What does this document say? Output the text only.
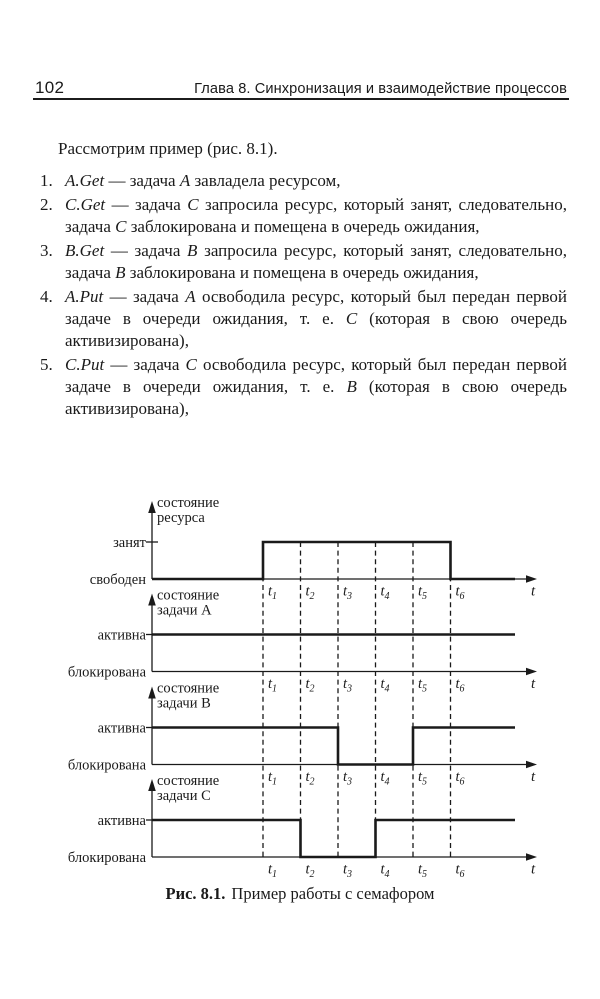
102	Глава 8. Синхронизация и взаимодействие процессов

Рассмотрим пример (рис. 8.1).

1. A.Get — задача A завладела ресурсом,
2. C.Get — задача C запросила ресурс, который занят, следовательно, задача C заблокирована и помещена в очередь ожидания,
3. B.Get — задача B запросила ресурс, который занят, следовательно, задача B заблокирована и помещена в очередь ожидания,
4. A.Put — задача A освободила ресурс, который был передан первой задаче в очереди ожидания, т. е. C (которая в свою очередь активизирована),
5. C.Put — задача C освободила ресурс, который был передан первой задаче в очереди ожидания, т. е. B (которая в свою очередь активизирована),
состояние
ресурса
занят
свободен
$t_1$ $t_2$ $t_3$ $t_4$ $t_5$ $t_6$	t
состояние
задачи A
активна
блокирована
$t_1$ $t_2$ $t_3$ $t_4$ $t_5$ $t_6$	t
состояние
задачи B
активна
блокирована
$t_1$ $t_2$ $t_3$ $t_4$ $t_5$ $t_6$	t
состояние
задачи C
активна
блокирована
$t_1$ $t_2$ $t_3$ $t_4$ $t_5$ $t_6$	t
Рис. 8.1. Пример работы с семафором
